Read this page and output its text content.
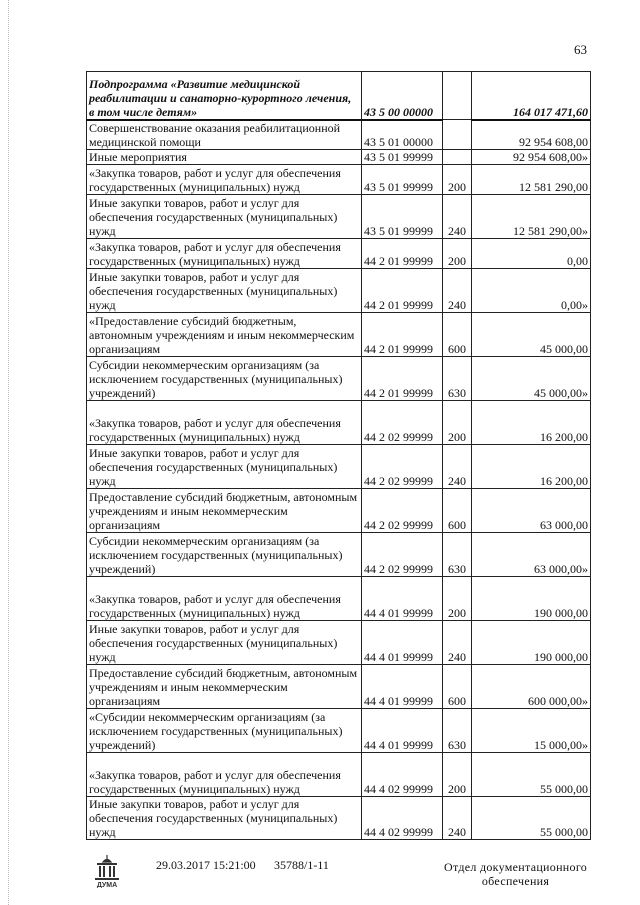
63
Подпрограмма «Развитие медицинской реабилитации и санаторно-курортного лечения, в том числе детям»	43 5 00 00000		164 017 471,60
Совершенствование оказания реабилитационной медицинской помощи	43 5 01 00000		92 954 608,00
Иные мероприятия	43 5 01 99999		92 954 608,00»
«Закупка товаров, работ и услуг для обеспечения государственных (муниципальных) нужд	43 5 01 99999	200	12 581 290,00
Иные закупки товаров, работ и услуг для обеспечения государственных (муниципальных) нужд	43 5 01 99999	240	12 581 290,00»
«Закупка товаров, работ и услуг для обеспечения государственных (муниципальных) нужд	44 2 01 99999	200	0,00
Иные закупки товаров, работ и услуг для обеспечения государственных (муниципальных) нужд	44 2 01 99999	240	0,00»
«Предоставление субсидий бюджетным, автономным учреждениям и иным некоммерческим организациям	44 2 01 99999	600	45 000,00
Субсидии некоммерческим организациям (за исключением государственных (муниципальных) учреждений)	44 2 01 99999	630	45 000,00»
«Закупка товаров, работ и услуг для обеспечения государственных (муниципальных) нужд	44 2 02 99999	200	16 200,00
Иные закупки товаров, работ и услуг для обеспечения государственных (муниципальных) нужд	44 2 02 99999	240	16 200,00
Предоставление субсидий бюджетным, автономным учреждениям и иным некоммерческим организациям	44 2 02 99999	600	63 000,00
Субсидии некоммерческим организациям (за исключением государственных (муниципальных) учреждений)	44 2 02 99999	630	63 000,00»
«Закупка товаров, работ и услуг для обеспечения государственных (муниципальных) нужд	44 4 01 99999	200	190 000,00
Иные закупки товаров, работ и услуг для обеспечения государственных (муниципальных) нужд	44 4 01 99999	240	190 000,00
Предоставление субсидий бюджетным, автономным учреждениям и иным некоммерческим организациям	44 4 01 99999	600	600 000,00»
«Субсидии некоммерческим организациям (за исключением государственных (муниципальных) учреждений)	44 4 01 99999	630	15 000,00»
«Закупка товаров, работ и услуг для обеспечения государственных (муниципальных) нужд	44 4 02 99999	200	55 000,00
Иные закупки товаров, работ и услуг для обеспечения государственных (муниципальных) нужд	44 4 02 99999	240	55 000,00
ДУМА
29.03.2017 15:21:00 35788/1-11	Отдел документационного
обеспечения
